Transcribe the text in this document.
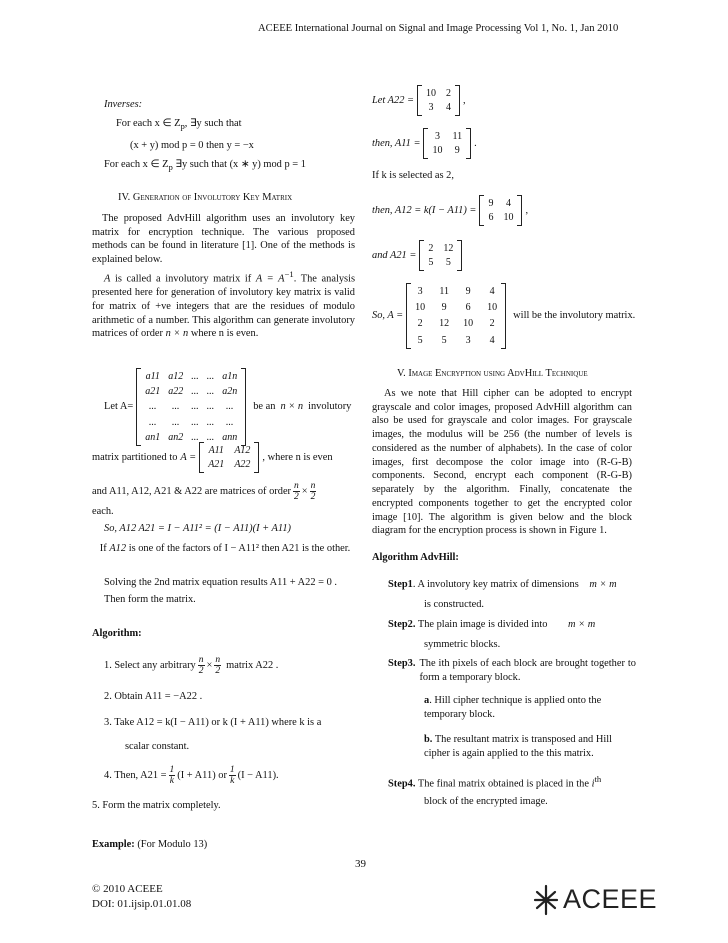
ACEEE International Journal on Signal and Image Processing Vol 1, No. 1, Jan 2010
Inverses:
For each x ∈ $Z_p$, ∃y such that
(x + y) mod p = 0 then y = −x
For each x ∈ $Z_p$ ∃y such that (x ∗ y) mod p = 1
IV. Generation of Involutory Key Matrix
The proposed AdvHill algorithm uses an involutory key matrix for encryption technique. The various proposed methods can be found in literature [1]. One of the methods is explained below.
A is called a involutory matrix if $A = A^{-1}$. The analysis presented here for generation of involutory key matrix is valid for matrix of +ve integers that are the residues of modulo arithmetic of a number. This algorithm can generate involutory matrices of order n × n where n is even.
Let A=
a11 a12 ... ... a1n
a21 a22 ... ... a2n
...	...	... ...	...
...	...	... ...	...
an1 an2 ... ... ann
be an n × n involutory
matrix partitioned to A =
A11 A12
A21 A22
, where n is even
and A11, A12, A21 & A22 are matrices of order $\frac{n}{2} \times \frac{n}{2}$
each.
So, A12 A21 = I − A11² = (I − A11)(I + A11)
If A12 is one of the factors of I − A11² then A21 is the other.
Solving the 2nd matrix equation results A11 + A22 = 0 .
Then form the matrix.
Algorithm:
1. Select any arbitrary $\frac{n}{2} \times \frac{n}{2}$ matrix A22 .
2. Obtain A11 = −A22 .
3. Take A12 = k(I − A11) or k (I + A11) where k is a
scalar constant.
4. Then, $A21 = \frac{1}{k} (I + A11)$ or $\frac{1}{k} (I - A11)$.
5. Form the matrix completely.
Example: (For Modulo 13)
Let A22 =
10 2
3 4
,
then, A11 =
3 11
10 9
.
If k is selected as 2,
then, A12 = k(I − A11) =
9 4
6 10
,
and A21 =
2 12
5 5
So, A =
3 11 9 4
10 9 6 10
2 12 10 2
5 5 3 4
will be the involutory matrix.
V. Image Encryption using AdvHill Technique
As we note that Hill cipher can be adopted to encrypt grayscale and color images, proposed AdvHill algorithm can also be used for grayscale and color images. For grayscale images, the modulus will be 256 (the number of levels is considered as the number of alphabets). In the case of color images, first decompose the color image into (R-G-B) components. Second, encrypt each component (R-G-B) separately by the algorithm. Finally, concatenate the encrypted components together to get the encrypted color image [10]. The algorithm is given below and the block diagram for the encryption process is shown in Figure 1.
Algorithm AdvHill:
Step1. A involutory key matrix of dimensions m × m
is constructed.
Step2. The plain image is divided into m × m
symmetric blocks.
Step3. The ith pixels of each block are brought together to form a temporary block.
a. Hill cipher technique is applied onto the temporary block.
b. The resultant matrix is transposed and Hill cipher is again applied to the this matrix.
Step4. The final matrix obtained is placed in the $i^{th}$
block of the encrypted image.
39
© 2010 ACEEE
DOI: 01.ijsip.01.01.08	ACEEE
